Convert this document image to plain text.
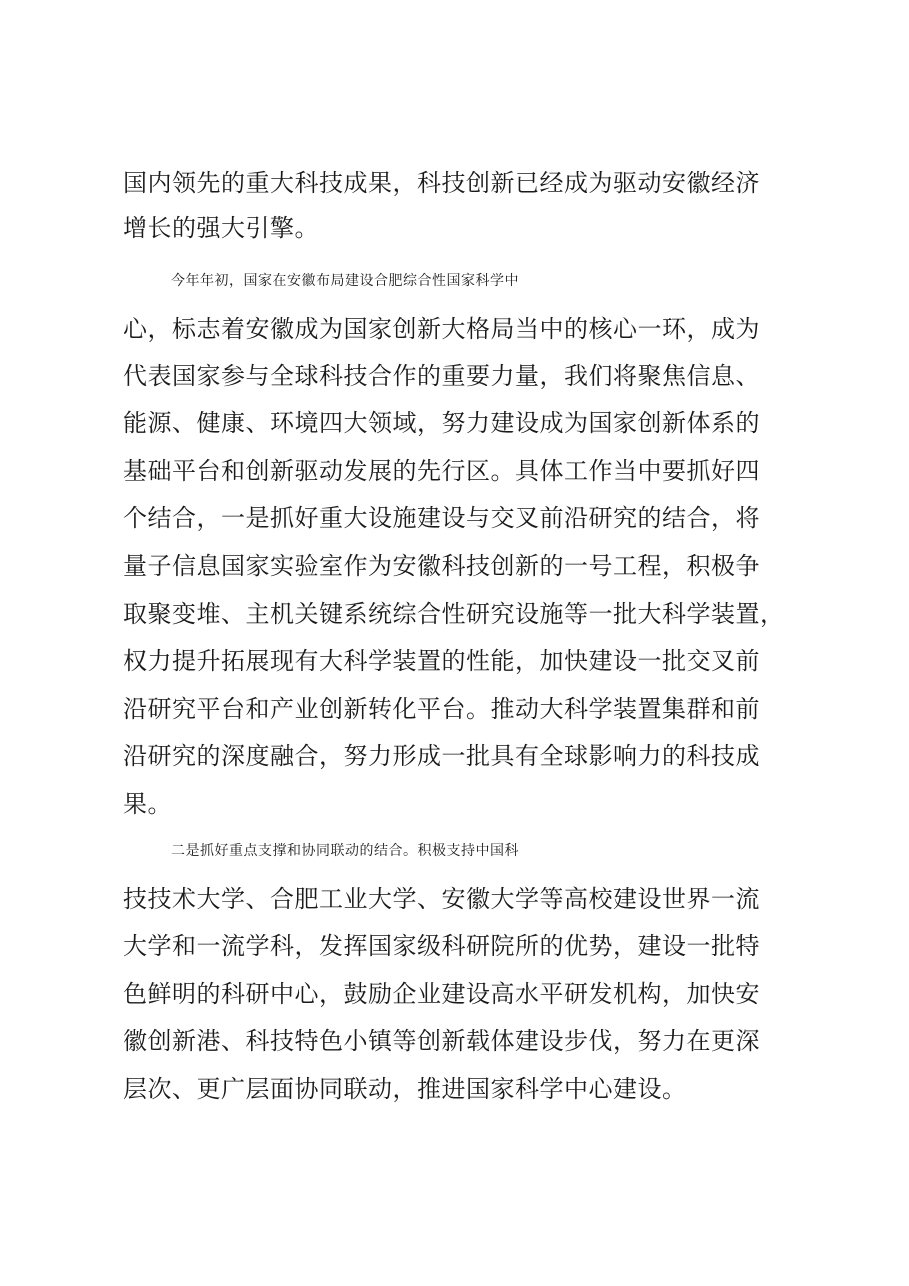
国内领先的重大科技成果，科技创新已经成为驱动安徽经济

增长的强大引擎。

今年年初，国家在安徽布局建设合肥综合性国家科学中

心，标志着安徽成为国家创新大格局当中的核心一环，成为

代表国家参与全球科技合作的重要力量，我们将聚焦信息、

能源、健康、环境四大领域，努力建设成为国家创新体系的

基础平台和创新驱动发展的先行区。具体工作当中要抓好四

个结合，一是抓好重大设施建设与交叉前沿研究的结合，将

量子信息国家实验室作为安徽科技创新的一号工程，积极争

取聚变堆、主机关键系统综合性研究设施等一批大科学装置，

权力提升拓展现有大科学装置的性能，加快建设一批交叉前

沿研究平台和产业创新转化平台。推动大科学装置集群和前

沿研究的深度融合，努力形成一批具有全球影响力的科技成

果。

二是抓好重点支撑和协同联动的结合。积极支持中国科

技技术大学、合肥工业大学、安徽大学等高校建设世界一流

大学和一流学科，发挥国家级科研院所的优势，建设一批特

色鲜明的科研中心，鼓励企业建设高水平研发机构，加快安

徽创新港、科技特色小镇等创新载体建设步伐，努力在更深

层次、更广层面协同联动，推进国家科学中心建设。
